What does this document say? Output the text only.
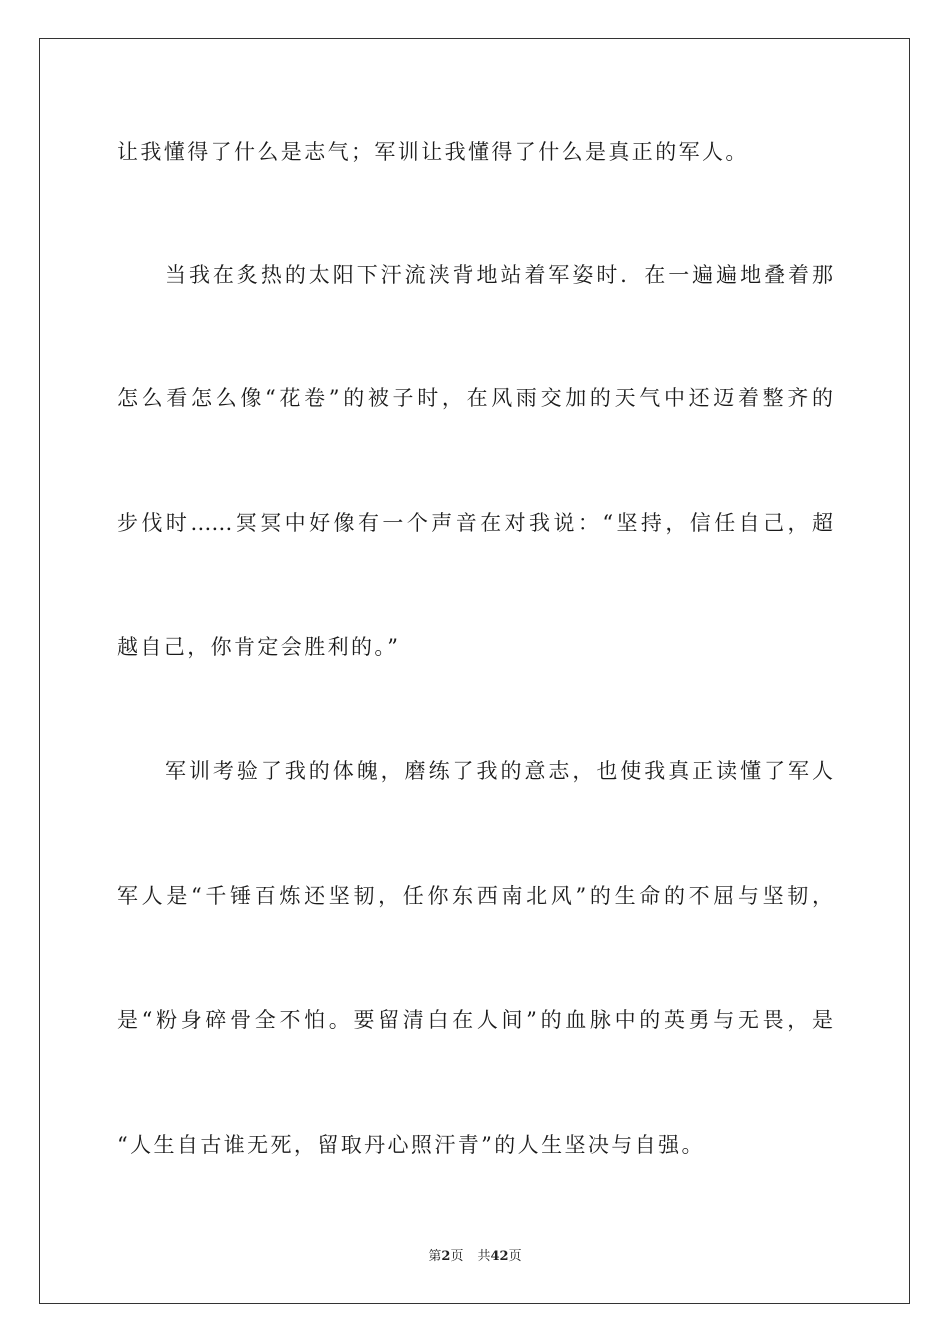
让我懂得了什么是志气；军训让我懂得了什么是真正的军人。
当我在炙热的太阳下汗流浃背地站着军姿时．在一遍遍地叠着那
怎么看怎么像“花卷”的被子时，在风雨交加的天气中还迈着整齐的
步伐时……冥冥中好像有一个声音在对我说：“坚持，信任自己，超
越自己，你肯定会胜利的。”
军训考验了我的体魄，磨练了我的意志，也使我真正读懂了军人
军人是“千锤百炼还坚韧，任你东西南北风”的生命的不屈与坚韧，
是“粉身碎骨全不怕。要留清白在人间”的血脉中的英勇与无畏，是
“人生自古谁无死，留取丹心照汗青”的人生坚决与自强。
第2页 共42页
